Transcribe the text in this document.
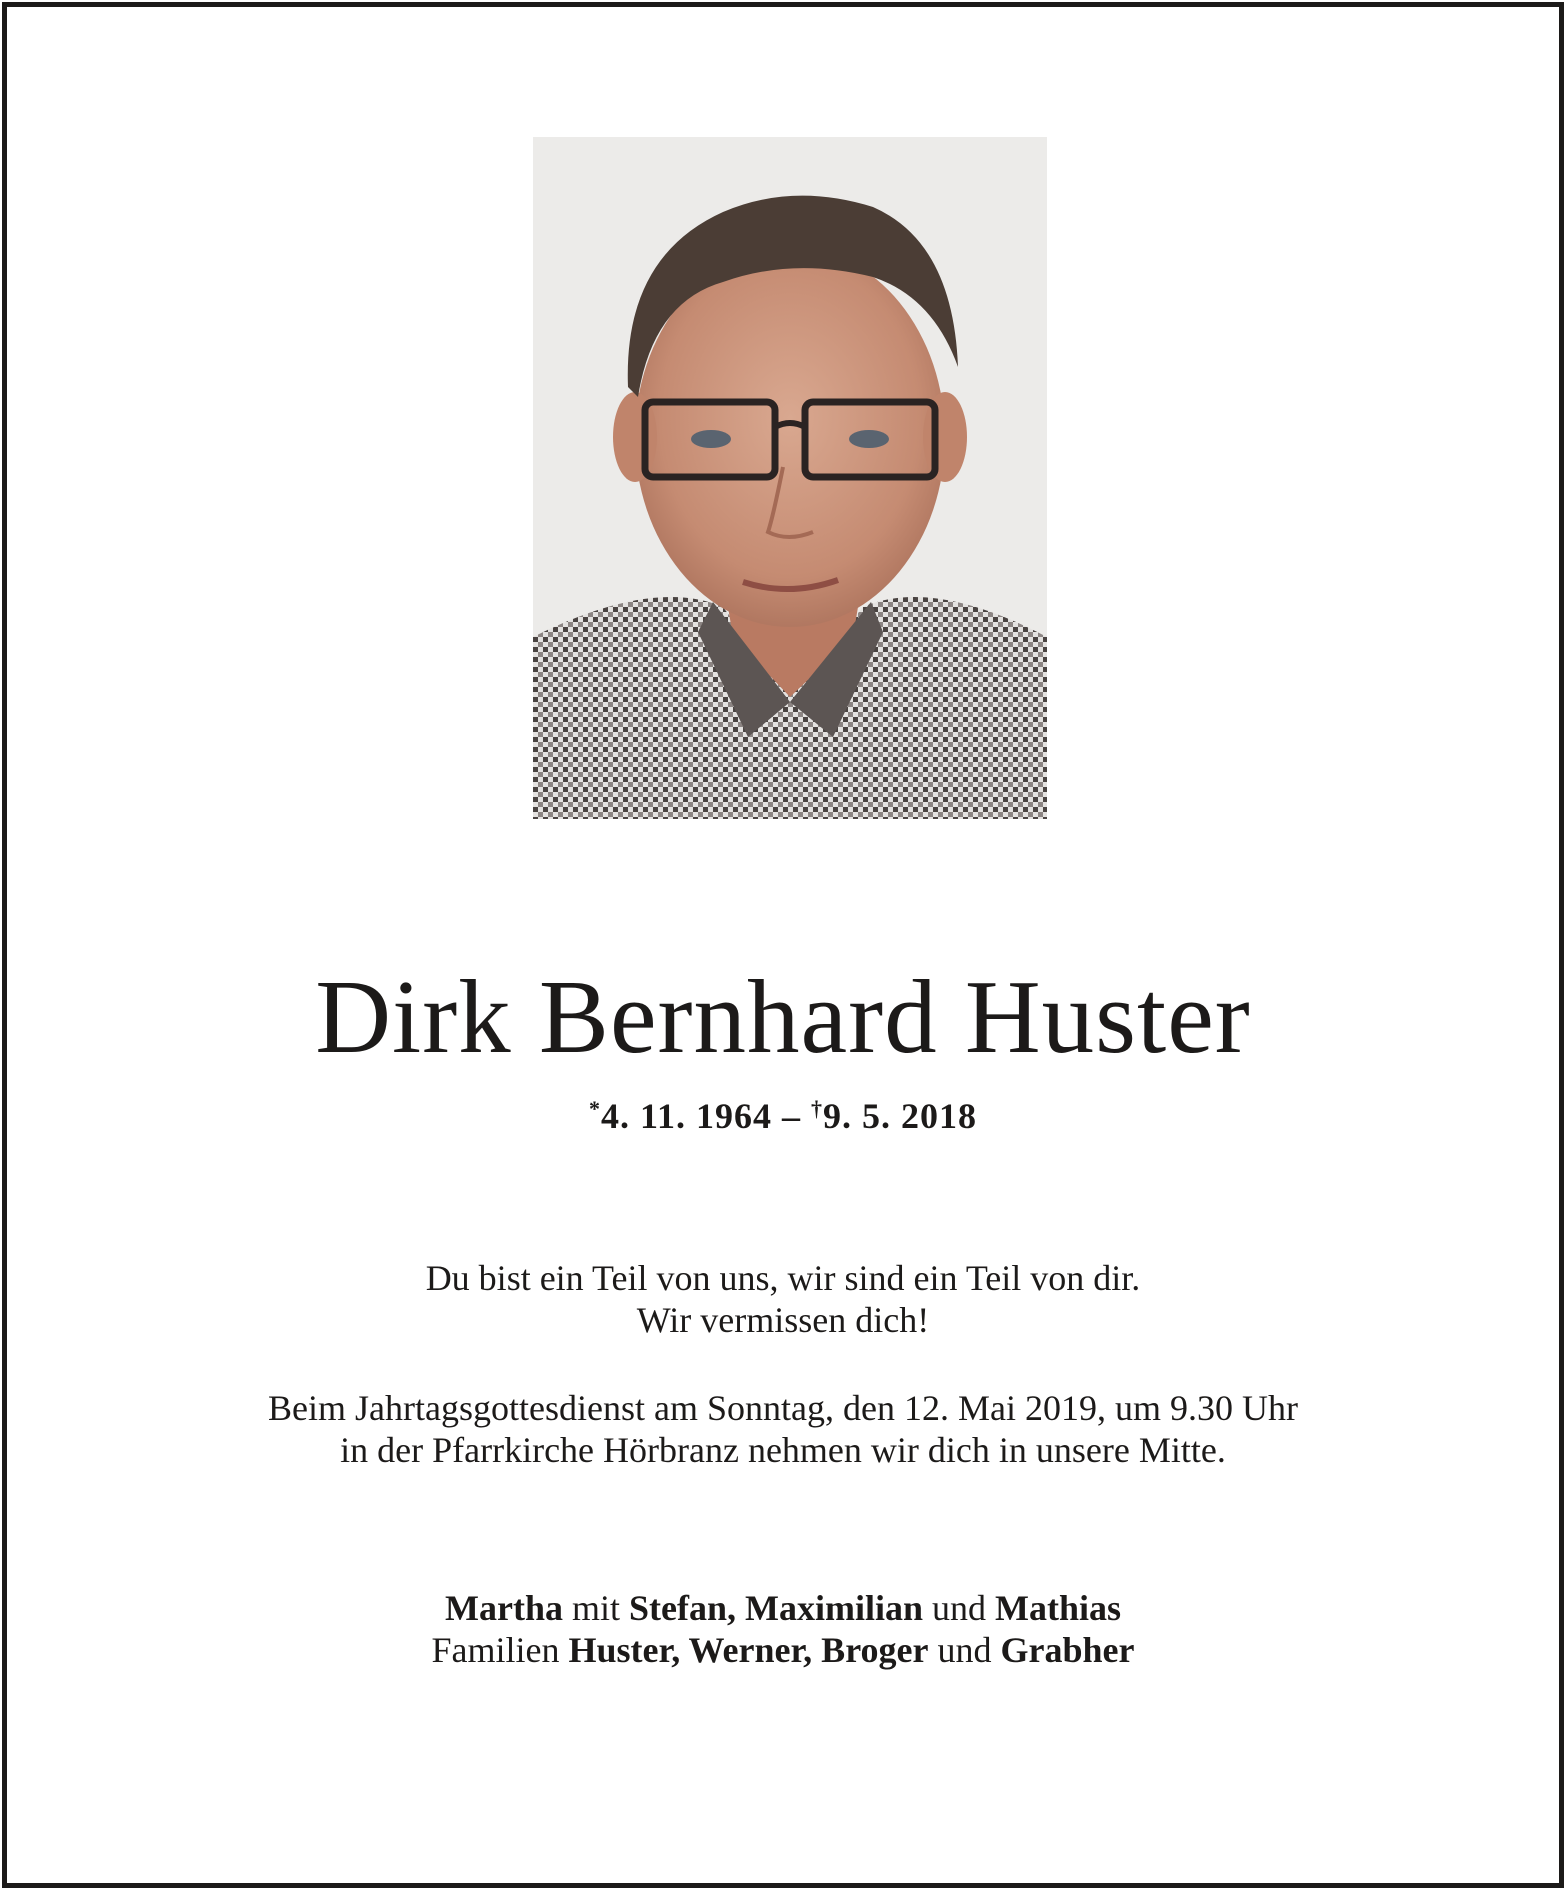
Dirk Bernhard Huster
*4. 11. 1964 – †9. 5. 2018
Du bist ein Teil von uns, wir sind ein Teil von dir.
Wir vermissen dich!
Beim Jahrtagsgottesdienst am Sonntag, den 12. Mai 2019, um 9.30 Uhr
in der Pfarrkirche Hörbranz nehmen wir dich in unsere Mitte.
Martha mit Stefan, Maximilian und Mathias
Familien Huster, Werner, Broger und Grabher
